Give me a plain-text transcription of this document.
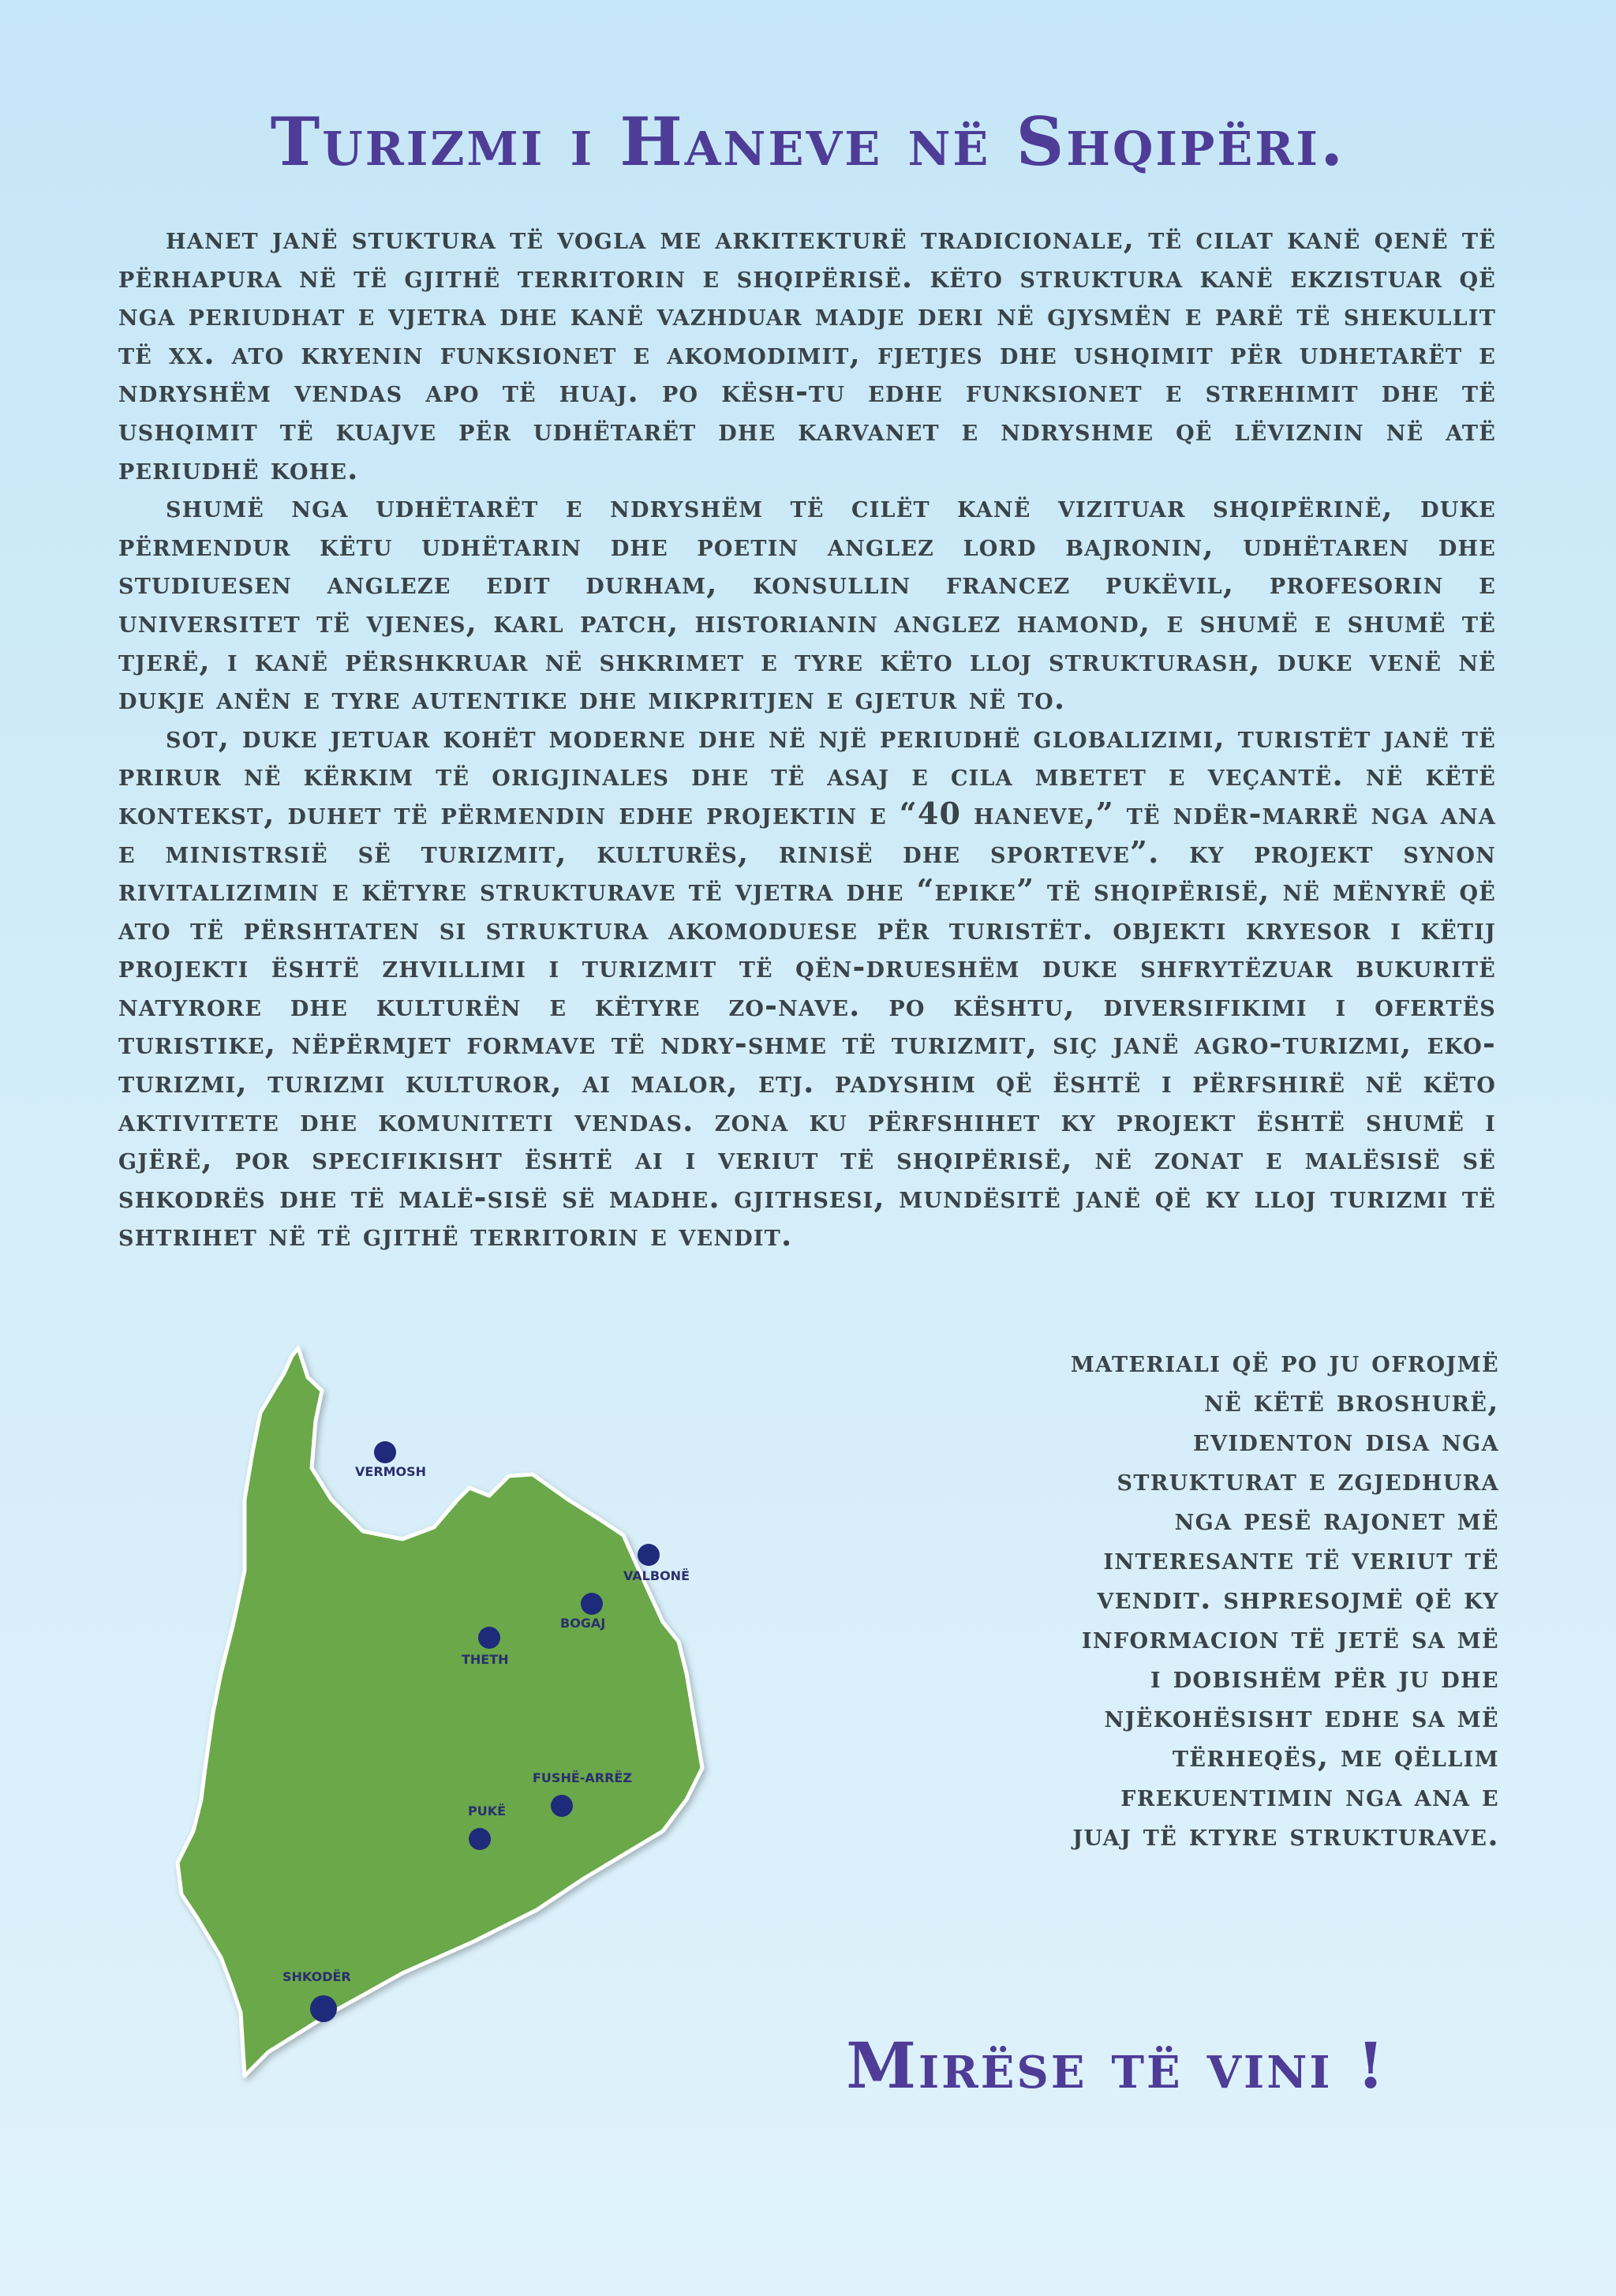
Turizmi i Haneve në Shqipëri.

hanet janë stuktura të vogla me arkitekturë tradicionale, të cilat kanë qenë të përhapura në të gjithë territorin e shqipërisë. këto struktura kanë ekzistuar që nga periudhat e vjetra dhe kanë vazhduar madje deri në gjysmën e parë të shekullit të xx. ato kryenin funksionet e akomodimit, fjetjes dhe ushqimit për udhetarët e ndryshëm vendas apo të huaj. po kësh-tu edhe funksionet e strehimit dhe të ushqimit të kuajve për udhëtarët dhe karvanet e ndryshme që lëviznin në atë periudhë kohe.

shumë nga udhëtarët e ndryshëm të cilët kanë vizituar shqipërinë, duke përmendur këtu udhëtarin dhe poetin anglez lord bajronin, udhëtaren dhe studiuesen angleze edit durham, konsullin francez pukëvil, profesorin e universitet të vjenes, karl patch, historianin anglez hamond, e shumë e shumë të tjerë, i kanë përshkruar në shkrimet e tyre këto lloj strukturash, duke venë në dukje anën e tyre autentike dhe mikpritjen e gjetur në to.

sot, duke jetuar kohët moderne dhe në një periudhë globalizimi, turistët janë të prirur në kërkim të origjinales dhe të asaj e cila mbetet e veçantë. në këtë kontekst, duhet të përmendin edhe projektin e “40 haneve,” të ndër-marrë nga ana e ministrsië së turizmit, kulturës, rinisë dhe sporteve”. ky projekt synon rivitalizimin e këtyre strukturave të vjetra dhe “epike” të shqipërisë, në mënyrë që ato të përshtaten si struktura akomoduese për turistët. objekti kryesor i këtij projekti është zhvillimi i turizmit të qën-drueshëm duke shfrytëzuar bukuritë natyrore dhe kulturën e këtyre zo-nave. po kështu, diversifikimi i ofertës turistike, nëpërmjet formave të ndry-shme të turizmit, siç janë agro-turizmi, eko-turizmi, turizmi kulturor, ai malor, etj. padyshim që është i përfshirë në këto aktivitete dhe komuniteti vendas. zona ku përfshihet ky projekt është shumë i gjërë, por specifikisht është ai i veriut të shqipërisë, në zonat e malësisë së shkodrës dhe të malë-sisë së madhe. gjithsesi, mundësitë janë që ky lloj turizmi të shtrihet në të gjithë territorin e vendit.

VERMOSH
VALBONË
BOGAJ
THETH
FUSHË-ARRËZ
PUKË
SHKODËR

materiali që po ju ofrojmë në këtë broshurë, evidenton disa nga strukturat e zgjedhura nga pesë rajonet më interesante të veriut të vendit. shpresojmë që ky informacion të jetë sa më i dobishëm për ju dhe njëkohësisht edhe sa më tërheqës, me qëllim frekuentimin nga ana e juaj të ktyre strukturave.

Mirëse të vini !
